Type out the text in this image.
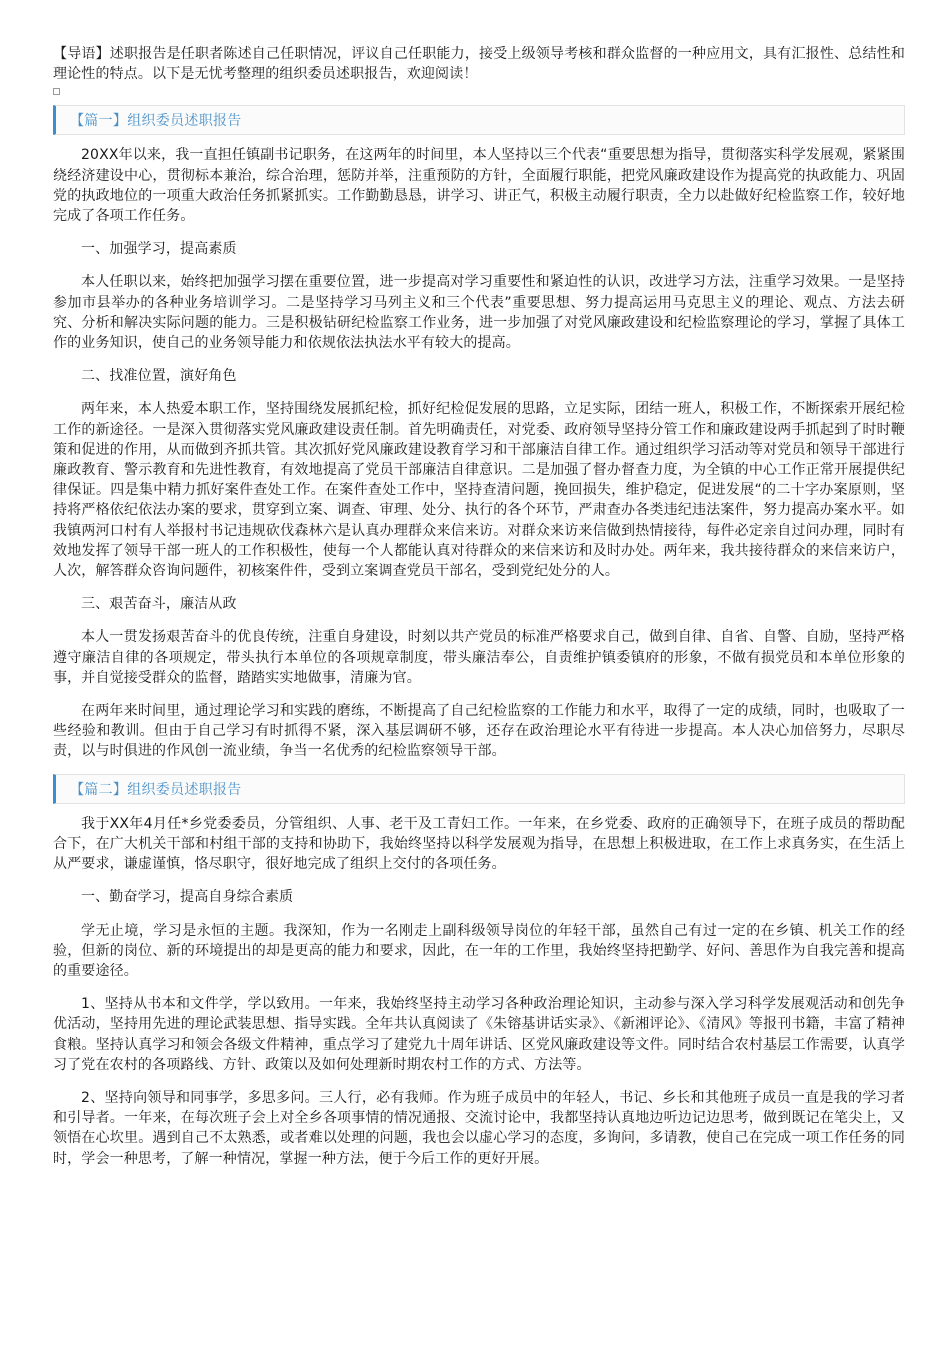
【导语】述职报告是任职者陈述自己任职情况，评议自己任职能力，接受上级领导考核和群众监督的一种应用文，具有汇报性、总结性和理论性的特点。以下是无忧考整理的组织委员述职报告，欢迎阅读！

【篇一】组织委员述职报告

20XX年以来，我一直担任镇副书记职务，在这两年的时间里，本人坚持以三个代表“重要思想为指导，贯彻落实科学发展观，紧紧围绕经济建设中心，贯彻标本兼治，综合治理，惩防并举，注重预防的方针，全面履行职能，把党风廉政建设作为提高党的执政能力、巩固党的执政地位的一项重大政治任务抓紧抓实。工作勤勤恳恳，讲学习、讲正气，积极主动履行职责，全力以赴做好纪检监察工作，较好地完成了各项工作任务。

一、加强学习，提高素质

本人任职以来，始终把加强学习摆在重要位置，进一步提高对学习重要性和紧迫性的认识，改进学习方法，注重学习效果。一是坚持参加市县举办的各种业务培训学习。二是坚持学习马列主义和三个代表”重要思想、努力提高运用马克思主义的理论、观点、方法去研究、分析和解决实际问题的能力。三是积极钻研纪检监察工作业务，进一步加强了对党风廉政建设和纪检监察理论的学习，掌握了具体工作的业务知识，使自己的业务领导能力和依规依法执法水平有较大的提高。

二、找准位置，演好角色

两年来，本人热爱本职工作，坚持围绕发展抓纪检，抓好纪检促发展的思路，立足实际，团结一班人，积极工作，不断探索开展纪检工作的新途径。一是深入贯彻落实党风廉政建设责任制。首先明确责任，对党委、政府领导坚持分管工作和廉政建设两手抓起到了时时鞭策和促进的作用，从而做到齐抓共管。其次抓好党风廉政建设教育学习和干部廉洁自律工作。通过组织学习活动等对党员和领导干部进行廉政教育、警示教育和先进性教育，有效地提高了党员干部廉洁自律意识。二是加强了督办督查力度，为全镇的中心工作正常开展提供纪律保证。四是集中精力抓好案件查处工作。在案件查处工作中，坚持查清问题，挽回损失，维护稳定，促进发展“的二十字办案原则，坚持将严格依纪依法办案的要求，贯穿到立案、调查、审理、处分、执行的各个环节，严肃查办各类违纪违法案件，努力提高办案水平。如我镇两河口村有人举报村书记违规砍伐森林六是认真办理群众来信来访。对群众来访来信做到热情接待，每件必定亲自过问办理，同时有效地发挥了领导干部一班人的工作积极性，使每一个人都能认真对待群众的来信来访和及时办处。两年来，我共接待群众的来信来访户，人次，解答群众咨询问题件，初核案件件，受到立案调查党员干部名，受到党纪处分的人。

三、艰苦奋斗，廉洁从政

本人一贯发扬艰苦奋斗的优良传统，注重自身建设，时刻以共产党员的标准严格要求自己，做到自律、自省、自警、自励，坚持严格遵守廉洁自律的各项规定，带头执行本单位的各项规章制度，带头廉洁奉公，自责维护镇委镇府的形象，不做有损党员和本单位形象的事，并自觉接受群众的监督，踏踏实实地做事，清廉为官。

在两年来时间里，通过理论学习和实践的磨练，不断提高了自己纪检监察的工作能力和水平，取得了一定的成绩，同时，也吸取了一些经验和教训。但由于自己学习有时抓得不紧，深入基层调研不够，还存在政治理论水平有待进一步提高。本人决心加倍努力，尽职尽责，以与时俱进的作风创一流业绩，争当一名优秀的纪检监察领导干部。

【篇二】组织委员述职报告

我于XX年4月任*乡党委委员，分管组织、人事、老干及工青妇工作。一年来，在乡党委、政府的正确领导下，在班子成员的帮助配合下，在广大机关干部和村组干部的支持和协助下，我始终坚持以科学发展观为指导，在思想上积极进取，在工作上求真务实，在生活上从严要求，谦虚谨慎，恪尽职守，很好地完成了组织上交付的各项任务。

一、勤奋学习，提高自身综合素质

学无止境，学习是永恒的主题。我深知，作为一名刚走上副科级领导岗位的年轻干部，虽然自己有过一定的在乡镇、机关工作的经验，但新的岗位、新的环境提出的却是更高的能力和要求，因此，在一年的工作里，我始终坚持把勤学、好问、善思作为自我完善和提高的重要途径。

1、坚持从书本和文件学，学以致用。一年来，我始终坚持主动学习各种政治理论知识，主动参与深入学习科学发展观活动和创先争优活动，坚持用先进的理论武装思想、指导实践。全年共认真阅读了《朱镕基讲话实录》、《新湘评论》、《清风》等报刊书籍，丰富了精神食粮。坚持认真学习和领会各级文件精神，重点学习了建党九十周年讲话、区党风廉政建设等文件。同时结合农村基层工作需要，认真学习了党在农村的各项路线、方针、政策以及如何处理新时期农村工作的方式、方法等。

2、坚持向领导和同事学，多思多问。三人行，必有我师。作为班子成员中的年轻人，书记、乡长和其他班子成员一直是我的学习者和引导者。一年来，在每次班子会上对全乡各项事情的情况通报、交流讨论中，我都坚持认真地边听边记边思考，做到既记在笔尖上，又领悟在心坎里。遇到自己不太熟悉，或者难以处理的问题，我也会以虚心学习的态度，多询问，多请教，使自己在完成一项工作任务的同时，学会一种思考，了解一种情况，掌握一种方法，便于今后工作的更好开展。
